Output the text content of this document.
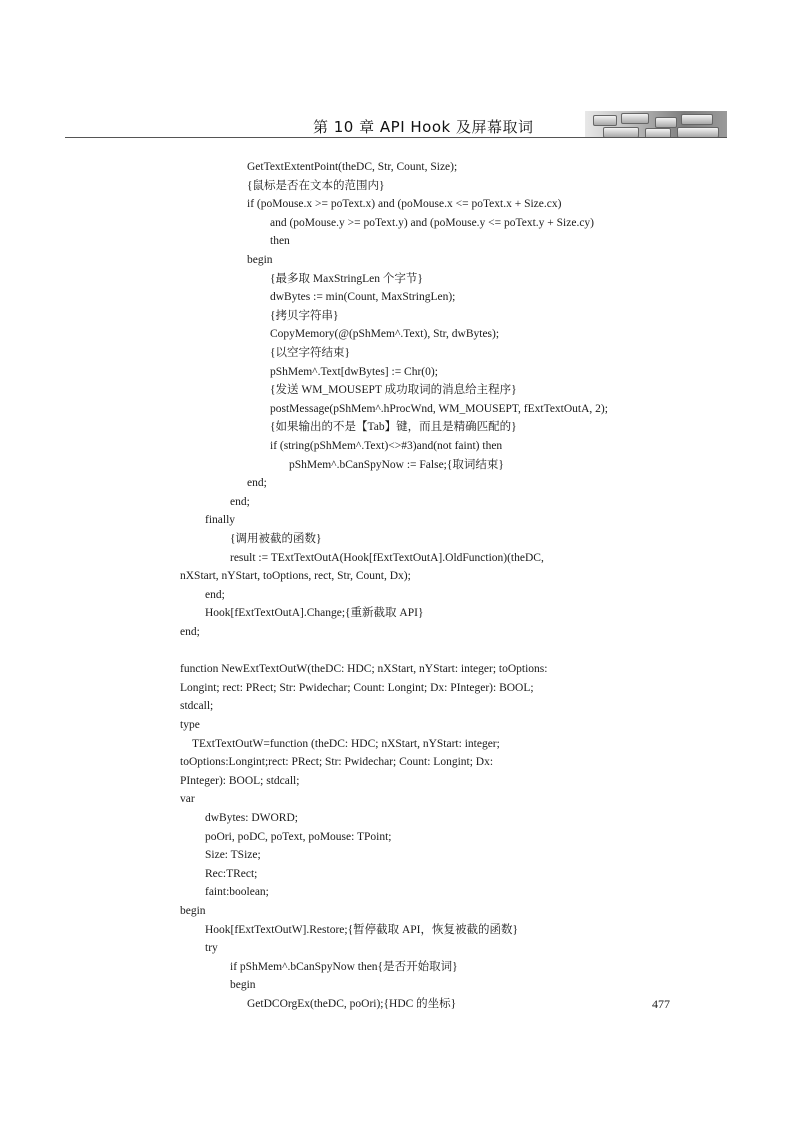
第 10 章 API Hook 及屏幕取词
GetTextExtentPoint(theDC, Str, Count, Size);
{鼠标是否在文本的范围内}
if (poMouse.x >= poText.x) and (poMouse.x <= poText.x + Size.cx)
and (poMouse.y >= poText.y) and (poMouse.y <= poText.y + Size.cy)
then
begin
{最多取 MaxStringLen 个字节}
dwBytes := min(Count, MaxStringLen);
{拷贝字符串}
CopyMemory(@(pShMem^.Text), Str, dwBytes);
{以空字符结束}
pShMem^.Text[dwBytes] := Chr(0);
{发送 WM_MOUSEPT 成功取词的消息给主程序}
postMessage(pShMem^.hProcWnd, WM_MOUSEPT, fExtTextOutA, 2);
{如果输出的不是【Tab】键，而且是精确匹配的}
if (string(pShMem^.Text)<>#3)and(not faint) then
pShMem^.bCanSpyNow := False;{取词结束}
end;
end;
finally
{调用被截的函数}
result := TExtTextOutA(Hook[fExtTextOutA].OldFunction)(theDC,
nXStart, nYStart, toOptions, rect, Str, Count, Dx);
end;
Hook[fExtTextOutA].Change;{重新截取 API}
end;
function NewExtTextOutW(theDC: HDC; nXStart, nYStart: integer; toOptions:
Longint; rect: PRect; Str: Pwidechar; Count: Longint; Dx: PInteger): BOOL;
stdcall;
type
TExtTextOutW=function (theDC: HDC; nXStart, nYStart: integer;
toOptions:Longint;rect: PRect; Str: Pwidechar; Count: Longint; Dx:
PInteger): BOOL; stdcall;
var
dwBytes: DWORD;
poOri, poDC, poText, poMouse: TPoint;
Size: TSize;
Rec:TRect;
faint:boolean;
begin
Hook[fExtTextOutW].Restore;{暂停截取 API，恢复被截的函数}
try
if pShMem^.bCanSpyNow then{是否开始取词}
begin
GetDCOrgEx(theDC, poOri);{HDC 的坐标}	477
